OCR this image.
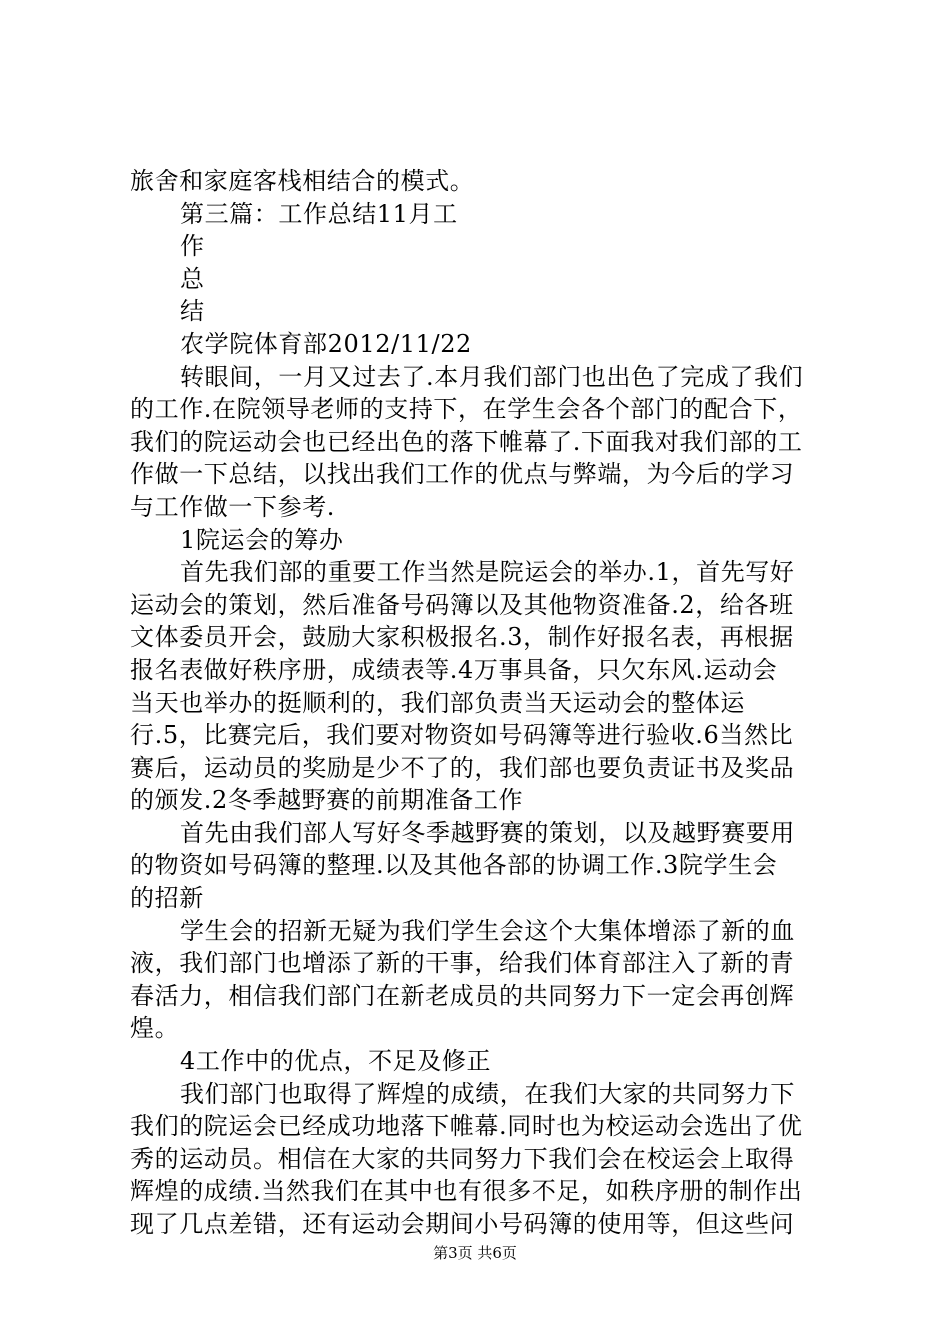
旅舍和家庭客栈相结合的模式。
第三篇：工作总结11月工
作
总
结
农学院体育部2012/11/22
转眼间，一月又过去了.本月我们部门也出色了完成了我们
的工作.在院领导老师的支持下，在学生会各个部门的配合下，
我们的院运动会也已经出色的落下帷幕了.下面我对我们部的工
作做一下总结，以找出我们工作的优点与弊端，为今后的学习
与工作做一下参考.
1院运会的筹办
首先我们部的重要工作当然是院运会的举办.1，首先写好
运动会的策划，然后准备号码簿以及其他物资准备.2，给各班
文体委员开会，鼓励大家积极报名.3，制作好报名表，再根据
报名表做好秩序册，成绩表等.4万事具备，只欠东风.运动会
当天也举办的挺顺利的，我们部负责当天运动会的整体运
行.5，比赛完后，我们要对物资如号码簿等进行验收.6当然比
赛后，运动员的奖励是少不了的，我们部也要负责证书及奖品
的颁发.2冬季越野赛的前期准备工作
首先由我们部人写好冬季越野赛的策划，以及越野赛要用
的物资如号码簿的整理.以及其他各部的协调工作.3院学生会
的招新
学生会的招新无疑为我们学生会这个大集体增添了新的血
液，我们部门也增添了新的干事，给我们体育部注入了新的青
春活力，相信我们部门在新老成员的共同努力下一定会再创辉
煌。
4工作中的优点，不足及修正
我们部门也取得了辉煌的成绩，在我们大家的共同努力下
我们的院运会已经成功地落下帷幕.同时也为校运动会选出了优
秀的运动员。相信在大家的共同努力下我们会在校运会上取得
辉煌的成绩.当然我们在其中也有很多不足，如秩序册的制作出
现了几点差错，还有运动会期间小号码簿的使用等，但这些问
第3页 共6页
